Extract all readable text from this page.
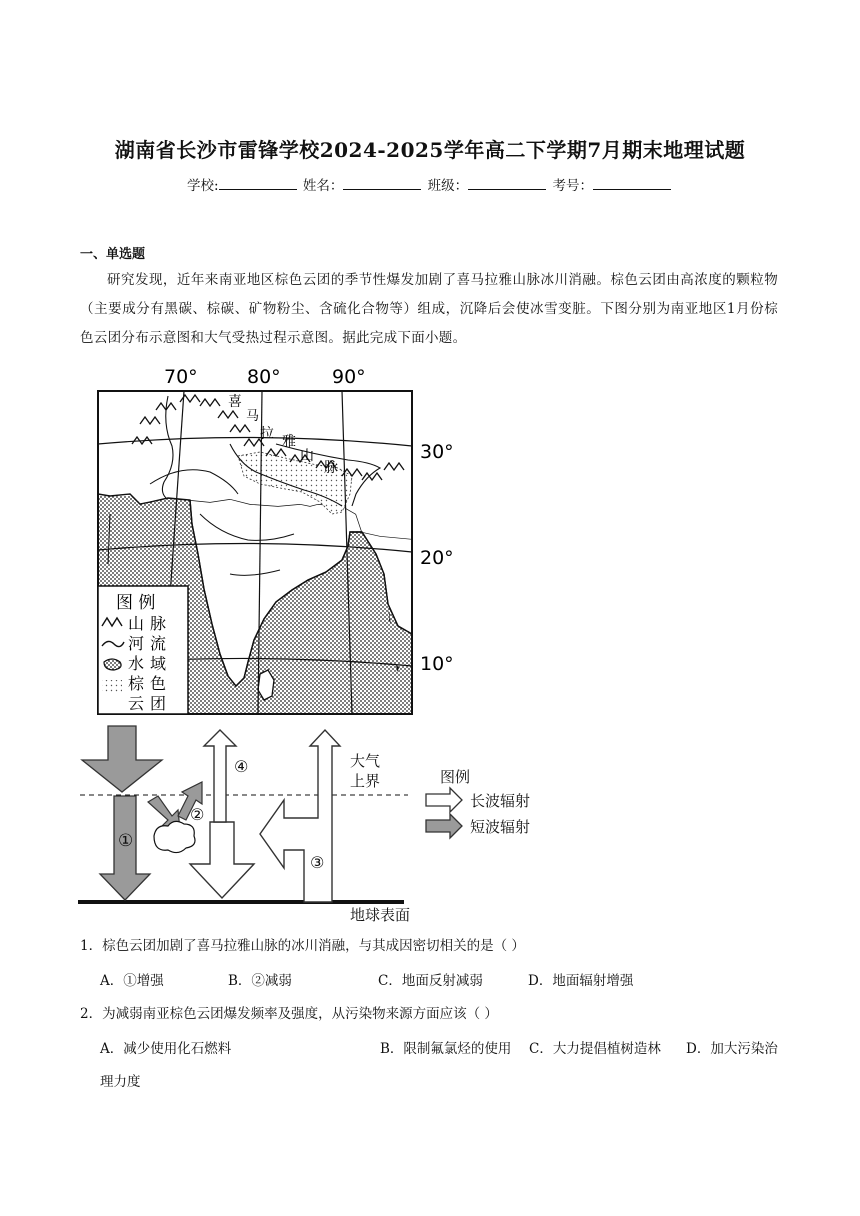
湖南省长沙市雷锋学校2024-2025学年高二下学期7月期末地理试题
学校:	姓名：	班级：	考号：
一、单选题
研究发现，近年来南亚地区棕色云团的季节性爆发加剧了喜马拉雅山脉冰川消融。棕色云团由高浓度的颗粒物（主要成分有黑碳、棕碳、矿物粉尘、含硫化合物等）组成，沉降后会使冰雪变脏。下图分别为南亚地区1月份棕色云团分布示意图和大气受热过程示意图。据此完成下面小题。
70°	80°	90°
喜
马
拉 雅
山
脉
30°
20°
10°
图 例
山 脉
河 流
水 域
棕 色
云 团
①
②
④
③
大气
上界
地球表面
图例
长波辐射
短波辐射
1．棕色云团加剧了喜马拉雅山脉的冰川消融，与其成因密切相关的是（ ）
A．①增强	B．②减弱	C．地面反射减弱	D．地面辐射增强
2．为减弱南亚棕色云团爆发频率及强度，从污染物来源方面应该（ ）
A．减少使用化石燃料	B．限制氟氯烃的使用 C．大力提倡植树造林 D．加大污染治
理力度
